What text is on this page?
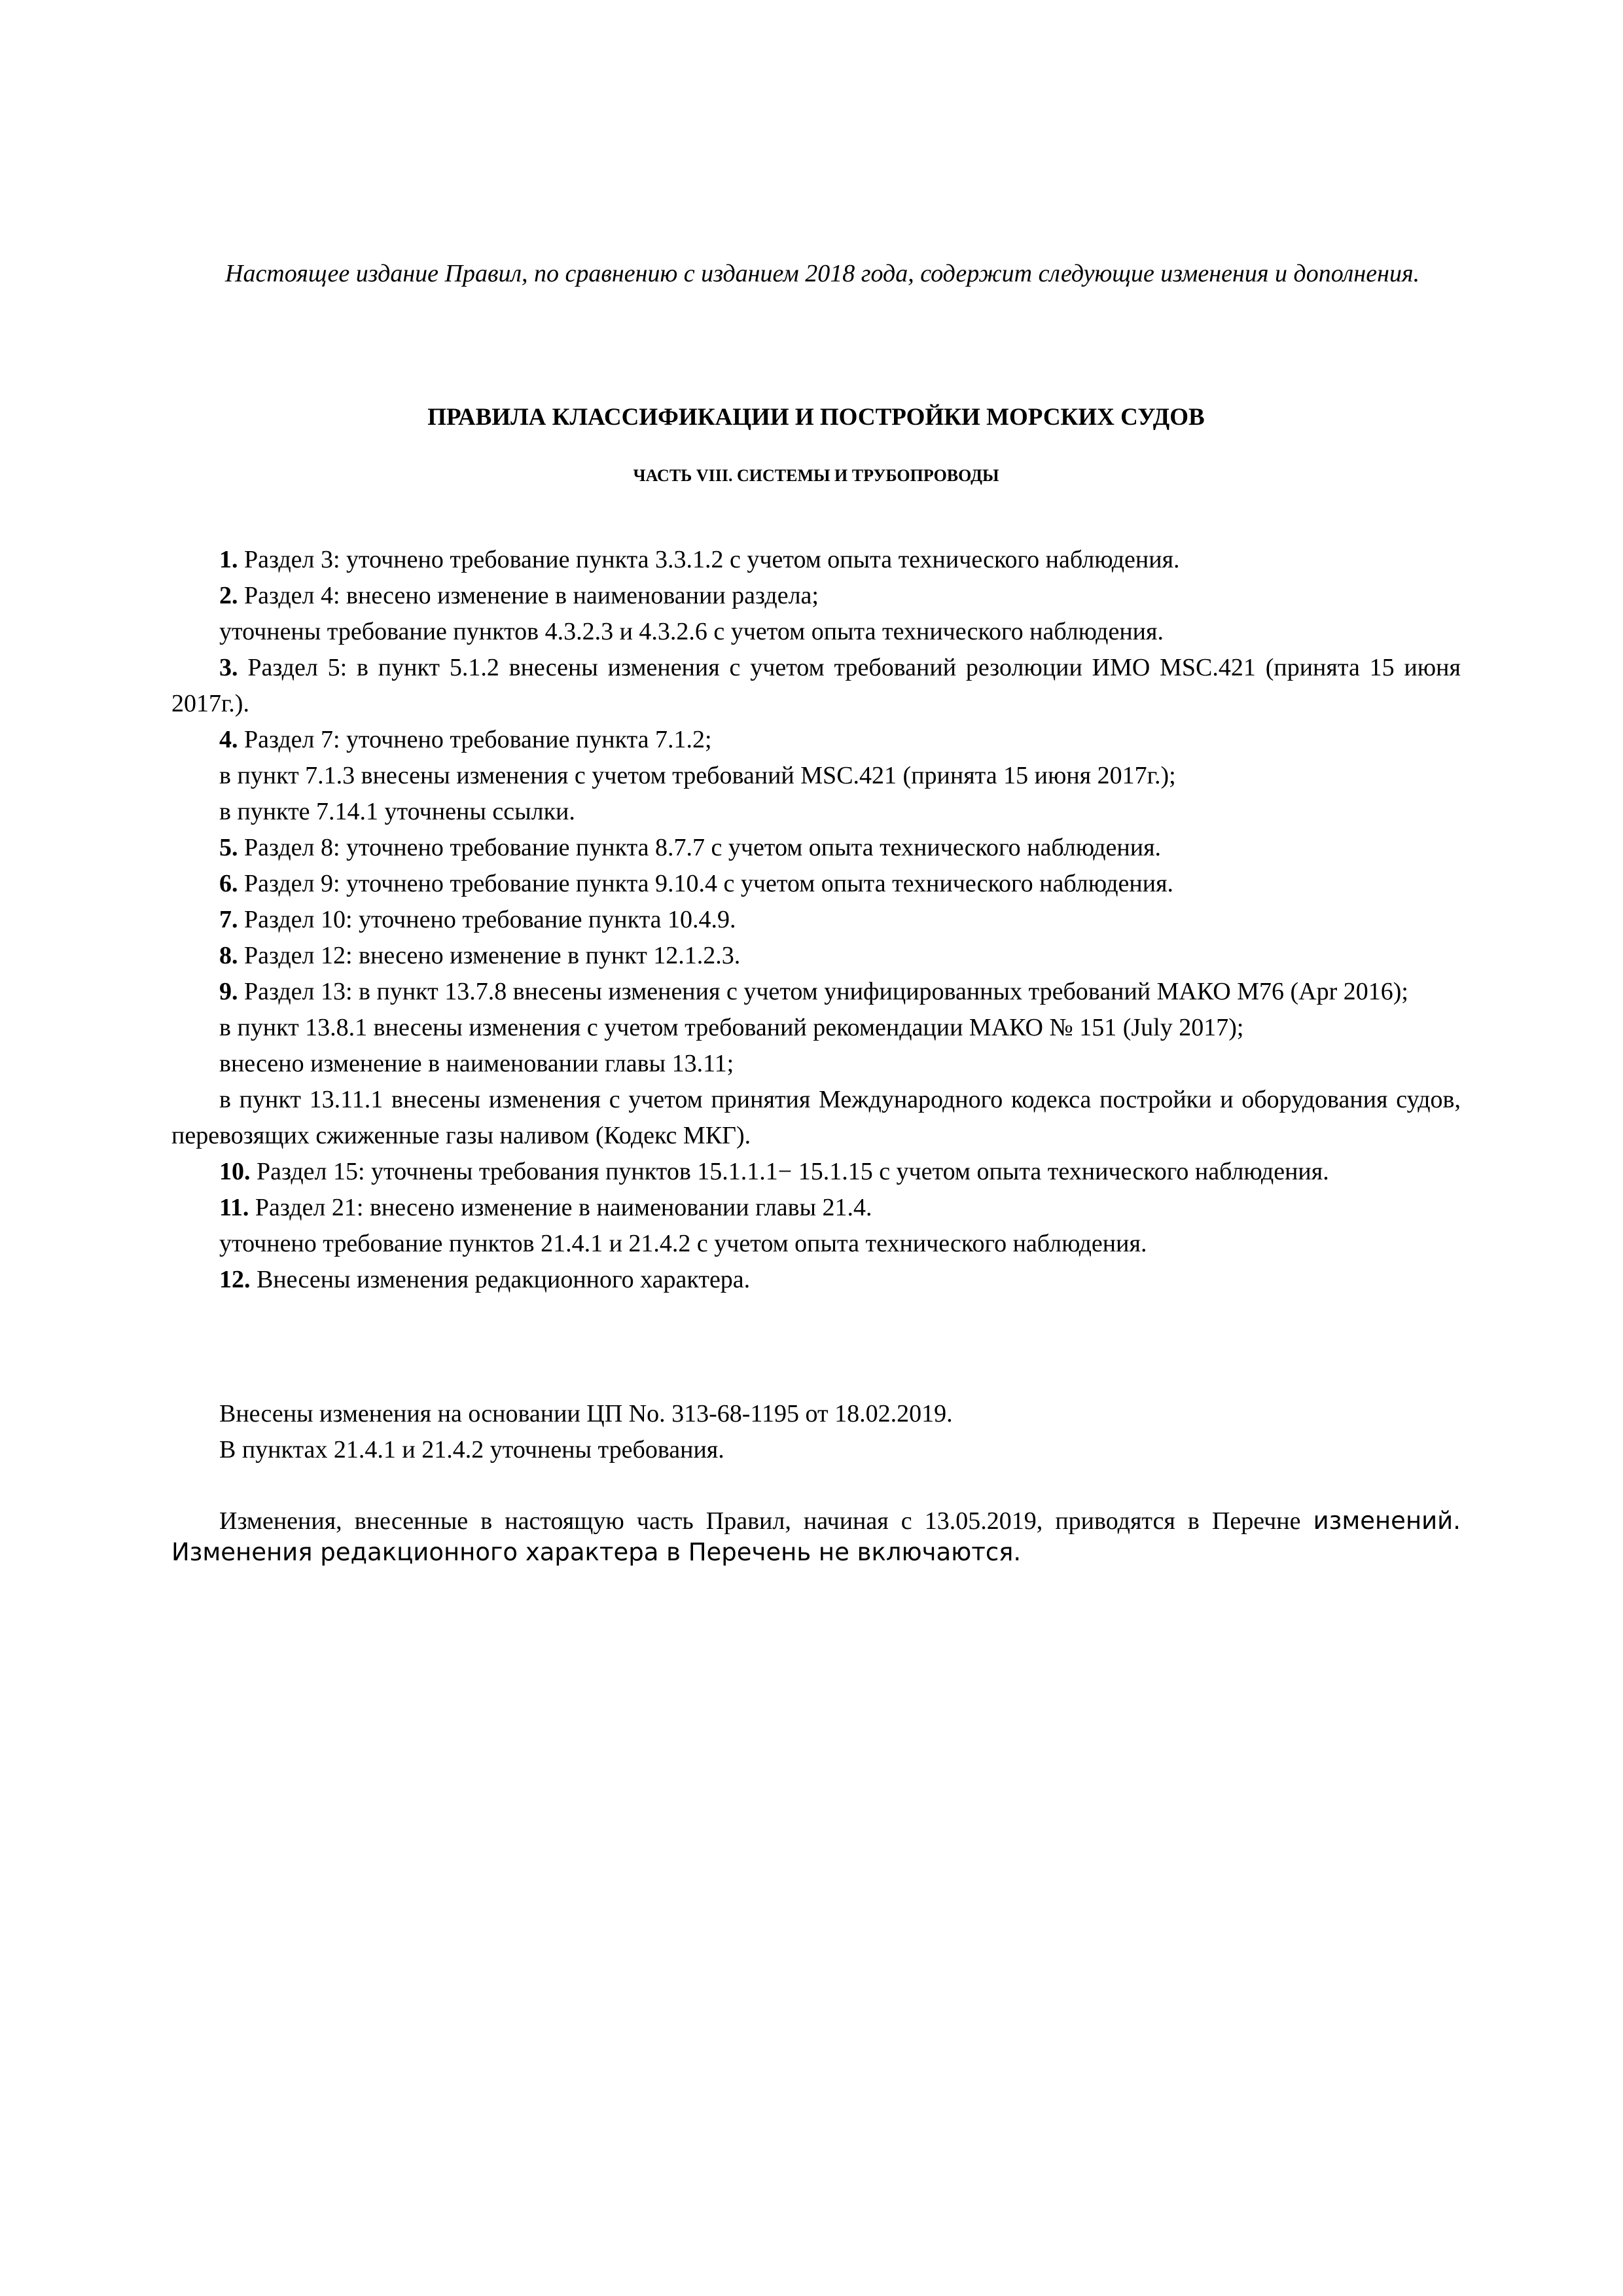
Настоящее издание Правил, по сравнению с изданием 2018 года, содержит следующие изменения и дополнения.

ПРАВИЛА КЛАССИФИКАЦИИ И ПОСТРОЙКИ МОРСКИХ СУДОВ
ЧАСТЬ VIII. СИСТЕМЫ И ТРУБОПРОВОДЫ

1. Раздел 3: уточнено требование пункта 3.3.1.2 с учетом опыта технического наблюдения.

2. Раздел 4: внесено изменение в наименовании раздела;

уточнены требование пунктов 4.3.2.3 и 4.3.2.6 с учетом опыта технического наблюдения.

3. Раздел 5: в пункт 5.1.2 внесены изменения с учетом требований резолюции ИМО MSC.421 (принята 15 июня 2017г.).

4. Раздел 7: уточнено требование пункта 7.1.2;

в пункт 7.1.3 внесены изменения с учетом требований MSC.421 (принята 15 июня 2017г.);

в пункте 7.14.1 уточнены ссылки.

5. Раздел 8: уточнено требование пункта 8.7.7 с учетом опыта технического наблюдения.

6. Раздел 9: уточнено требование пункта 9.10.4 с учетом опыта технического наблюдения.

7. Раздел 10: уточнено требование пункта 10.4.9.

8. Раздел 12: внесено изменение в пункт 12.1.2.3.

9. Раздел 13: в пункт 13.7.8 внесены изменения с учетом унифицированных требований МАКО М76 (Apr 2016);

в пункт 13.8.1 внесены изменения с учетом требований рекомендации МАКО № 151 (July 2017);

внесено изменение в наименовании главы 13.11;

в пункт 13.11.1 внесены изменения с учетом принятия Международного кодекса постройки и оборудования судов, перевозящих сжиженные газы наливом (Кодекс МКГ).

10. Раздел 15: уточнены требования пунктов 15.1.1.1− 15.1.15 с учетом опыта технического наблюдения.

11. Раздел 21: внесено изменение в наименовании главы 21.4.

уточнено требование пунктов 21.4.1 и 21.4.2 с учетом опыта технического наблюдения.

12. Внесены изменения редакционного характера.

Внесены изменения на основании ЦП No. 313-68-1195 от 18.02.2019.

В пунктах 21.4.1 и 21.4.2 уточнены требования.

Изменения, внесенные в настоящую часть Правил, начиная с 13.05.2019, приводятся в Перечне изменений. Изменения редакционного характера в Перечень не включаются.
